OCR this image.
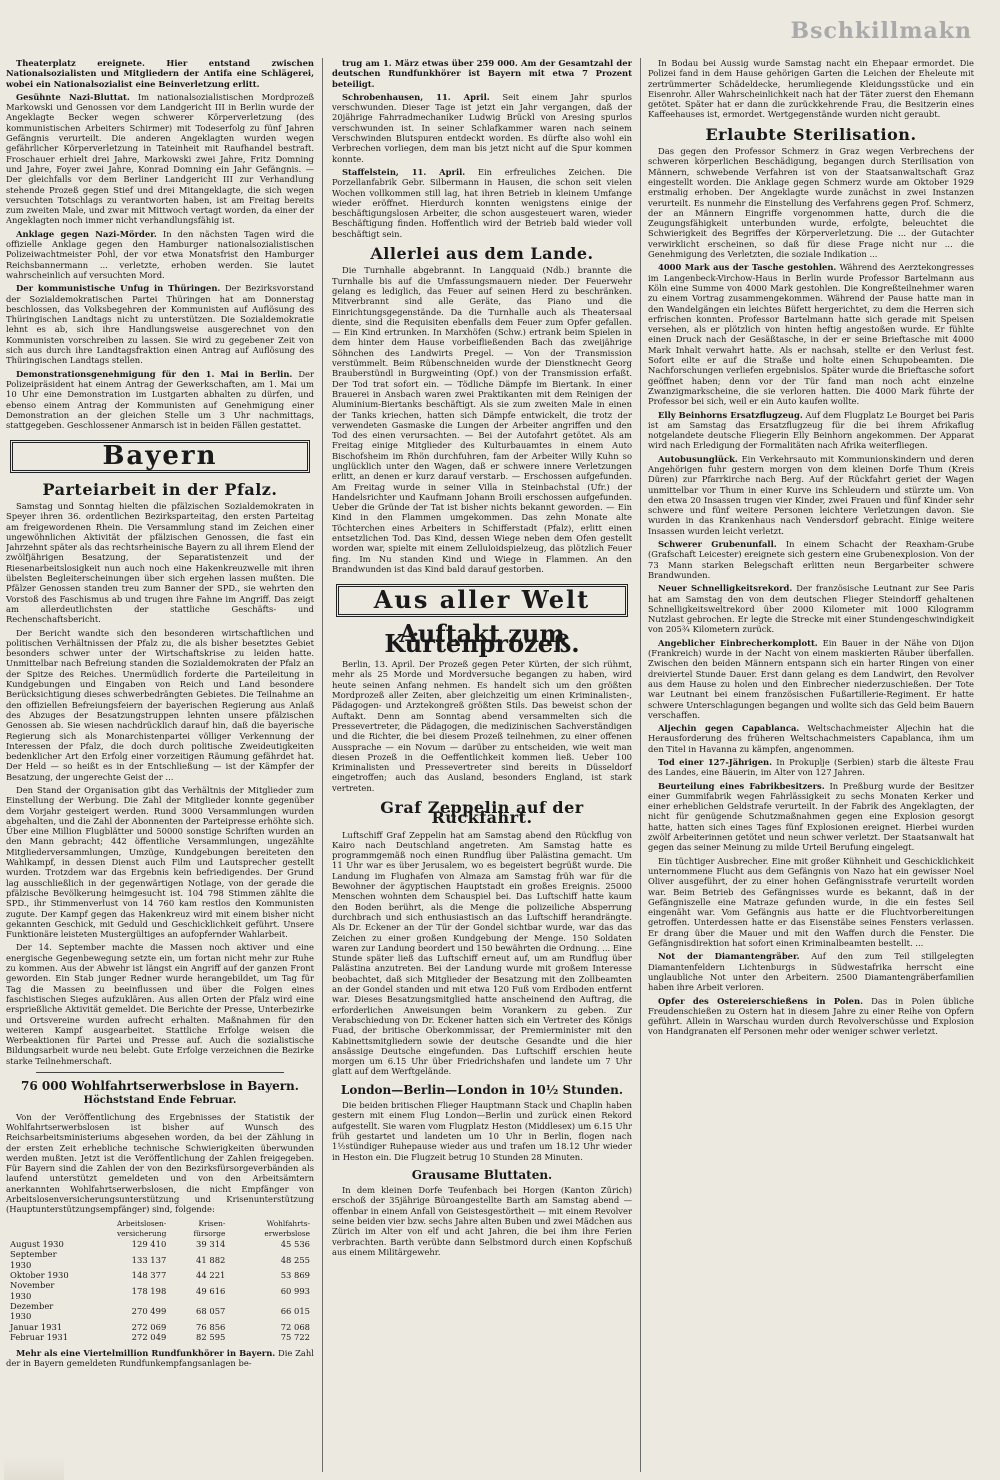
Bschkillmakn

Theaterplatz ereignete. Hier entstand zwischen Nationalsozialisten und Mitgliedern der Antifa eine Schlägerei, wobei ein Nationalsozialist eine Beinverletzung erlitt.

Gesühnte Nazi-Bluttat. Im nationalsozialistischen Mordprozeß Markowski und Genossen vor dem Landgericht III in Berlin wurde der Angeklagte Becker wegen schwerer Körperverletzung (des kommunistischen Arbeiters Schirmer) mit Todeserfolg zu fünf Jahren Gefängnis verurteilt. Die anderen Angeklagten wurden wegen gefährlicher Körperverletzung in Tateinheit mit Raufhandel bestraft. Froschauer erhielt drei Jahre, Markowski zwei Jahre, Fritz Domning und Jahre, Foyer zwei Jahre, Konrad Domning ein Jahr Gefängnis. — Der gleichfalls vor dem Berliner Landgericht III zur Verhandlung stehende Prozeß gegen Stief und drei Mitangeklagte, die sich wegen versuchten Totschlags zu verantworten haben, ist am Freitag bereits zum zweiten Male, und zwar mit Mittwoch vertagt worden, da einer der Angeklagten noch immer nicht verhandlungsfähig ist.

Anklage gegen Nazi-Mörder. In den nächsten Tagen wird die offizielle Anklage gegen den Hamburger nationalsozialistischen Polizeiwachtmeister Pohl, der vor etwa Monatsfrist den Hamburger Reichsbannermann ... verletzte, erhoben werden. Sie lautet wahrscheinlich auf versuchten Mord.

Der kommunistische Unfug in Thüringen. Der Bezirksvorstand der Sozialdemokratischen Partei Thüringen hat am Donnerstag beschlossen, das Volksbegehren der Kommunisten auf Auflösung des Thüringischen Landtags nicht zu unterstützen. Die Sozialdemokratie lehnt es ab, sich ihre Handlungsweise ausgerechnet von den Kommunisten vorschreiben zu lassen. Sie wird zu gegebener Zeit von sich aus durch ihre Landtagsfraktion einen Antrag auf Auflösung des Thüringischen Landtags stellen.

Demonstrationsgenehmigung für den 1. Mai in Berlin. Der Polizeipräsident hat einem Antrag der Gewerkschaften, am 1. Mai um 10 Uhr eine Demonstration im Lustgarten abhalten zu dürfen, und ebenso einem Antrag der Kommunisten auf Genehmigung einer Demonstration an der gleichen Stelle um 3 Uhr nachmittags, stattgegeben. Geschlossener Anmarsch ist in beiden Fällen gestattet.

Bayern
Parteiarbeit in der Pfalz.

Samstag und Sonntag hielten die pfälzischen Sozialdemokraten in Speyer ihren 36. ordentlichen Bezirksparteitag, den ersten Parteitag am freigewordenen Rhein. Die Versammlung stand im Zeichen einer ungewöhnlichen Aktivität der pfälzischen Genossen, die fast ein Jahrzehnt später als das rechtsrheinische Bayern zu all ihrem Elend der zwölfjährigen Besatzung, der Separatistenzeit und der Riesenarbeitslosigkeit nun auch noch eine Hakenkreuzwelle mit ihren übelsten Begleiterscheinungen über sich ergehen lassen mußten. Die Pfälzer Genossen standen treu zum Banner der SPD., sie wehrten den Vorstoß des Faschismus ab und trugen ihre Fahne im Angriff. Das zeigt am allerdeutlichsten der stattliche Geschäfts- und Rechenschaftsbericht.

Der Bericht wandte sich den besonderen wirtschaftlichen und politischen Verhältnissen der Pfalz zu, die als bisher besetztes Gebiet besonders schwer unter der Wirtschaftskrise zu leiden hatte. Unmittelbar nach Befreiung standen die Sozialdemokraten der Pfalz an der Spitze des Reiches. Unermüdlich forderte die Parteileitung in Kundgebungen und Eingaben von Reich und Land besondere Berücksichtigung dieses schwerbedrängten Gebietes. Die Teilnahme an den offiziellen Befreiungsfeiern der bayerischen Regierung aus Anlaß des Abzuges der Besatzungstruppen lehnten unsere pfälzischen Genossen ab. Sie wiesen nachdrücklich darauf hin, daß die bayerische Regierung sich als Monarchistenpartei völliger Verkennung der Interessen der Pfalz, die doch durch politische Zweideutigkeiten bedenklicher Art den Erfolg einer vorzeitigen Räumung gefährdet hat. Der Held — so heißt es in der Entschließung — ist der Kämpfer der Besatzung, der ungerechte Geist der ...

Den Stand der Organisation gibt das Verhältnis der Mitglieder zum Einstellung der Werbung. Die Zahl der Mitglieder konnte gegenüber dem Vorjahr gesteigert werden. Rund 3000 Versammlungen wurden abgehalten, und die Zahl der Abonnenten der Parteipresse erhöhte sich. Über eine Million Flugblätter und 50000 sonstige Schriften wurden an den Mann gebracht; 442 öffentliche Versammlungen, ungezählte Mitgliederversammlungen, Umzüge, Kundgebungen bereiteten den Wahlkampf, in dessen Dienst auch Film und Lautsprecher gestellt wurden. Trotzdem war das Ergebnis kein befriedigendes. Der Grund lag ausschließlich in der gegenwärtigen Notlage, von der gerade die pfälzische Bevölkerung heimgesucht ist. 104 798 Stimmen zählte die SPD., ihr Stimmenverlust von 14 760 kam restlos den Kommunisten zugute. Der Kampf gegen das Hakenkreuz wird mit einem bisher nicht gekannten Geschick, mit Geduld und Geschicklichkeit geführt. Unsere Funktionäre leisteten Mustergültiges an aufopfernder Wahlarbeit.

Der 14. September machte die Massen noch aktiver und eine energische Gegenbewegung setzte ein, um fortan nicht mehr zur Ruhe zu kommen. Aus der Abwehr ist längst ein Angriff auf der ganzen Front geworden. Ein Stab junger Redner wurde herangebildet, um Tag für Tag die Massen zu beeinflussen und über die Folgen eines faschistischen Sieges aufzuklären. Aus allen Orten der Pfalz wird eine ersprießliche Aktivität gemeldet. Die Berichte der Presse, Unterbezirke und Ortsvereine wurden aufrecht erhalten. Maßnahmen für den weiteren Kampf ausgearbeitet. Stattliche Erfolge weisen die Werbeaktionen für Partei und Presse auf. Auch die sozialistische Bildungsarbeit wurde neu belebt. Gute Erfolge verzeichnen die Bezirke starke Teilnehmerschaft.

76 000 Wohlfahrtserwerbslose in Bayern.
Höchststand Ende Februar.

Von der Veröffentlichung des Ergebnisses der Statistik der Wohlfahrtserwerbslosen ist bisher auf Wunsch des Reichsarbeitsministeriums abgesehen worden, da bei der Zählung in der ersten Zeit erhebliche technische Schwierigkeiten überwunden werden mußten. Jetzt ist die Veröffentlichung der Zahlen freigegeben. Für Bayern sind die Zahlen der von den Bezirksfürsorgeverbänden als laufend unterstützt gemeldeten und von den Arbeitsämtern anerkannten Wohlfahrtserwerbslosen, die nicht Empfänger von Arbeitslosenversicherungsunterstützung und Krisenunterstützung (Hauptunterstützungsempfänger) sind, folgende:

	Arbeitslosen-versicherung	Krisen-fürsorge	Wohlfahrts-erwerbslose
August 1930	129 410	39 314	45 536
September 1930	133 137	41 882	48 255
Oktober 1930	148 377	44 221	53 869
November 1930	178 198	49 616	60 993
Dezember 1930	270 499	68 057	66 015
Januar 1931	272 069	76 856	72 068
Februar 1931	272 049	82 595	75 722

Mehr als eine Viertelmillion Rundfunkhörer in Bayern. Die Zahl der in Bayern gemeldeten Rundfunkempfangsanlagen be-

trug am 1. März etwas über 259 000. Am der Gesamtzahl der deutschen Rundfunkhörer ist Bayern mit etwa 7 Prozent beteiligt.

Schrobenhausen, 11. April. Seit einem Jahr spurlos verschwunden. Dieser Tage ist jetzt ein Jahr vergangen, daß der 20jährige Fahrradmechaniker Ludwig Brückl von Aresing spurlos verschwunden ist. In seiner Schlafkammer waren nach seinem Verschwinden Blutspuren entdeckt worden. Es dürfte also wohl ein Verbrechen vorliegen, dem man bis jetzt nicht auf die Spur kommen konnte.

Staffelstein, 11. April. Ein erfreuliches Zeichen. Die Porzellanfabrik Gebr. Silbermann in Hausen, die schon seit vielen Wochen vollkommen still lag, hat ihren Betrieb in kleinem Umfange wieder eröffnet. Hierdurch konnten wenigstens einige der beschäftigungslosen Arbeiter, die schon ausgesteuert waren, wieder Beschäftigung finden. Hoffentlich wird der Betrieb bald wieder voll beschäftigt sein.

Allerlei aus dem Lande.

Die Turnhalle abgebrannt. In Langquaid (Ndb.) brannte die Turnhalle bis auf die Umfassungsmauern nieder. Der Feuerwehr gelang es lediglich, das Feuer auf seinen Herd zu beschränken. Mitverbrannt sind alle Geräte, das Piano und die Einrichtungsgegenstände. Da die Turnhalle auch als Theatersaal diente, sind die Requisiten ebenfalls dem Feuer zum Opfer gefallen. — Ein Kind ertrunken. In Marxhöfen (Schw.) ertrank beim Spielen in dem hinter dem Hause vorbeifließenden Bach das zweijährige Söhnchen des Landwirts Pregel. — Von der Transmission verstümmelt. Beim Rübenschneiden wurde der Dienstknecht Georg Brauberstündl in Burgweinting (Opf.) von der Transmission erfaßt. Der Tod trat sofort ein. — Tödliche Dämpfe im Biertank. In einer Brauerei in Ansbach waren zwei Praktikanten mit dem Reinigen der Aluminium-Biertanks beschäftigt. Als sie zum zweiten Male in einen der Tanks kriechen, hatten sich Dämpfe entwickelt, die trotz der verwendeten Gasmaske die Lungen der Arbeiter angriffen und den Tod des einen verursachten. — Bei der Autofahrt getötet. Als am Freitag einige Mitglieder des Kulturbauamtes in einem Auto Bischofsheim im Rhön durchfuhren, fam der Arbeiter Willy Kuhn so unglücklich unter den Wagen, daß er schwere innere Verletzungen erlitt, an denen er kurz darauf verstarb. — Erschossen aufgefunden. Am Freitag wurde in seiner Villa in Steinbachstal (Ufr.) der Handelsrichter und Kaufmann Johann Broili erschossen aufgefunden. Ueber die Gründe der Tat ist bisher nichts bekannt geworden. — Ein Kind in den Flammen umgekommen. Das zehn Monate alte Töchterchen eines Arbeiters in Schifferstadt (Pfalz), erlitt einen entsetzlichen Tod. Das Kind, dessen Wiege neben dem Ofen gestellt worden war, spielte mit einem Zelluloidspielzeug, das plötzlich Feuer fing. Im Nu standen Kind und Wiege in Flammen. An den Brandwunden ist das Kind bald darauf gestorben.

Aus aller Welt
Auftakt zum Kürtenprozeß.

Berlin, 13. April. Der Prozeß gegen Peter Kürten, der sich rühmt, mehr als 25 Morde und Mordversuche begangen zu haben, wird heute seinen Anfang nehmen. Es handelt sich um den größten Mordprozeß aller Zeiten, aber gleichzeitig um einen Kriminalisten-, Pädagogen- und Arztekongreß größten Stils. Das beweist schon der Auftakt. Denn am Sonntag abend versammelten sich die Pressevertreter, die Pädagogen, die medizinischen Sachverständigen und die Richter, die bei diesem Prozeß teilnehmen, zu einer offenen Aussprache — ein Novum — darüber zu entscheiden, wie weit man diesen Prozeß in die Oeffentlichkeit kommen ließ. Ueber 100 Kriminalisten und Pressevertreter sind bereits in Düsseldorf eingetroffen; auch das Ausland, besonders England, ist stark vertreten.

Graf Zeppelin auf der Rückfahrt.

Luftschiff Graf Zeppelin hat am Samstag abend den Rückflug von Kairo nach Deutschland angetreten. Am Samstag hatte es programmgemäß noch einen Rundflug über Palästina gemacht. Um 11 Uhr war es über Jerusalem, wo es begeistert begrüßt wurde. Die Landung im Flughafen von Almaza am Samstag früh war für die Bewohner der ägyptischen Hauptstadt ein großes Ereignis. 25000 Menschen wohnten dem Schauspiel bei. Das Luftschiff hatte kaum den Boden berührt, als die Menge die polizeiliche Absperrung durchbrach und sich enthusiastisch an das Luftschiff herandrängte. Als Dr. Eckener an der Tür der Gondel sichtbar wurde, war das das Zeichen zu einer großen Kundgebung der Menge. 150 Soldaten waren zur Landung beordert und 150 bewährten die Ordnung. ... Eine Stunde später ließ das Luftschiff erneut auf, um am Rundflug über Palästina anzutreten. Bei der Landung wurde mit großem Interesse beobachtet, daß sich Mitglieder der Besatzung mit den Zollbeamten an der Gondel standen und mit etwa 120 Fuß vom Erdboden entfernt war. Dieses Besatzungsmitglied hatte anscheinend den Auftrag, die erforderlichen Anweisungen beim Vorankern zu geben. Zur Verabschiedung von Dr. Eckener hatten sich ein Vertreter des Königs Fuad, der britische Oberkommissar, der Premierminister mit den Kabinettsmitgliedern sowie der deutsche Gesandte und die hier ansässige Deutsche eingefunden. Das Luftschiff erschien heute morgen um 6.15 Uhr über Friedrichshafen und landete um 7 Uhr glatt auf dem Werftgelände.

London—Berlin—London in 10½ Stunden.

Die beiden britischen Flieger Hauptmann Stack und Chaplin haben gestern mit einem Flug London—Berlin und zurück einen Rekord aufgestellt. Sie waren vom Flugplatz Heston (Middlesex) um 6.15 Uhr früh gestartet und landeten um 10 Uhr in Berlin, flogen nach 1½stündiger Ruhepause wieder aus und trafen um 18.12 Uhr wieder in Heston ein. Die Flugzeit betrug 10 Stunden 28 Minuten.

Grausame Bluttaten.

In dem kleinen Dorfe Teufenbach bei Horgen (Kanton Zürich) erschoß der 35jährige Büroangestellte Barth am Samstag abend — offenbar in einem Anfall von Geistesgestörtheit — mit einem Revolver seine beiden vier bzw. sechs Jahre alten Buben und zwei Mädchen aus Zürich im Alter von elf und acht Jahren, die bei ihm ihre Ferien verbrachten. Barth verübte dann Selbstmord durch einen Kopfschuß aus einem Militärgewehr.

In Bodau bei Aussig wurde Samstag nacht ein Ehepaar ermordet. Die Polizei fand in dem Hause gehörigen Garten die Leichen der Eheleute mit zertrümmerter Schädeldecke, herumliegende Kleidungsstücke und ein Eisenrohr. Aller Wahrscheinlichkeit nach hat der Täter zuerst den Ehemann getötet. Später hat er dann die zurückkehrende Frau, die Besitzerin eines Kaffeehauses ist, ermordet. Wertgegenstände wurden nicht geraubt.

Erlaubte Sterilisation.

Das gegen den Professor Schmerz in Graz wegen Verbrechens der schweren körperlichen Beschädigung, begangen durch Sterilisation von Männern, schwebende Verfahren ist von der Staatsanwaltschaft Graz eingestellt worden. Die Anklage gegen Schmerz wurde am Oktober 1929 erstmalig erhoben. Der Angeklagte wurde zunächst in zwei Instanzen verurteilt. Es nunmehr die Einstellung des Verfahrens gegen Prof. Schmerz, der an Männern Eingriffe vorgenommen hatte, durch die die Zeugungsfähigkeit unterbunden wurde, erfolgte, beleuchtet die Schwierigkeit des Begriffes der Körperverletzung. Die ... der Gutachter verwirklicht erscheinen, so daß für diese Frage nicht nur ... die Genehmigung des Verletzten, die soziale Indikation ...

4000 Mark aus der Tasche gestohlen. Während des Aerztekongresses im Langenbeck-Virchow-Haus in Berlin wurde Professor Bartelmann aus Köln eine Summe von 4000 Mark gestohlen. Die Kongreßteilnehmer waren zu einem Vortrag zusammengekommen. Während der Pause hatte man in den Wandelgängen ein leichtes Büfett hergerichtet, zu dem die Herren sich erfrischen konnten. Professor Bartelmann hatte sich gerade mit Speisen versehen, als er plötzlich von hinten heftig angestoßen wurde. Er fühlte einen Druck nach der Gesäßtasche, in der er seine Brieftasche mit 4000 Mark Inhalt verwahrt hatte. Als er nachsah, stellte er den Verlust fest. Sofort eilte er auf die Straße und holte einen Schupobeamten. Die Nachforschungen verliefen ergebnislos. Später wurde die Brieftasche sofort geöffnet haben; denn vor der Tür fand man noch acht einzelne Zwanzigmarkscheine, die sie verloren hatten. Die 4000 Mark führte der Professor bei sich, weil er ein Auto kaufen wollte.

Elly Beinhorns Ersatzflugzeug. Auf dem Flugplatz Le Bourget bei Paris ist am Samstag das Ersatzflugzeug für die bei ihrem Afrikaflug notgelandete deutsche Fliegerin Elly Beinhorn angekommen. Der Apparat wird nach Erledigung der Formalitäten nach Afrika weiterfliegen.

Autobusunglück. Ein Verkehrsauto mit Kommunionskindern und deren Angehörigen fuhr gestern morgen von dem kleinen Dorfe Thum (Kreis Düren) zur Pfarrkirche nach Berg. Auf der Rückfahrt geriet der Wagen unmittelbar vor Thum in einer Kurve ins Schleudern und stürzte um. Von den etwa 20 Insassen trugen vier Kinder, zwei Frauen und fünf Kinder sehr schwere und fünf weitere Personen leichtere Verletzungen davon. Sie wurden in das Krankenhaus nach Vendersdorf gebracht. Einige weitere Insassen wurden leicht verletzt.

Schwerer Grubenunfall. In einem Schacht der Reaxham-Grube (Grafschaft Leicester) ereignete sich gestern eine Grubenexplosion. Von der 73 Mann starken Belegschaft erlitten neun Bergarbeiter schwere Brandwunden.

Neuer Schnelligkeitsrekord. Der französische Leutnant zur See Paris hat am Samstag den von dem deutschen Flieger Steindorff gehaltenen Schnelligkeitsweltrekord über 2000 Kilometer mit 1000 Kilogramm Nutzlast gebrochen. Er legte die Strecke mit einer Stundengeschwindigkeit von 205¾ Kilometern zurück.

Angeblicher Einbrecherkomplott. Ein Bauer in der Nähe von Dijon (Frankreich) wurde in der Nacht von einem maskierten Räuber überfallen. Zwischen den beiden Männern entspann sich ein harter Ringen von einer dreiviertel Stunde Dauer. Erst dann gelang es dem Landwirt, den Revolver aus dem Hause zu holen und den Einbrecher niederzuschießen. Der Tote war Leutnant bei einem französischen Fußartillerie-Regiment. Er hatte schwere Unterschlagungen begangen und wollte sich das Geld beim Bauern verschaffen.

Aljechin gegen Capablanca. Weltschachmeister Aljechin hat die Herausforderung des früheren Weltschachmeisters Capablanca, ihm um den Titel in Havanna zu kämpfen, angenommen.

Tod einer 127-Jährigen. In Prokuplje (Serbien) starb die älteste Frau des Landes, eine Bäuerin, im Alter von 127 Jahren.

Beurteilung eines Fabrikbesitzers. In Preßburg wurde der Besitzer einer Gummifabrik wegen Fahrlässigkeit zu sechs Monaten Kerker und einer erheblichen Geldstrafe verurteilt. In der Fabrik des Angeklagten, der nicht für genügende Schutzmaßnahmen gegen eine Explosion gesorgt hatte, hatten sich eines Tages fünf Explosionen ereignet. Hierbei wurden zwölf Arbeiterinnen getötet und neun schwer verletzt. Der Staatsanwalt hat gegen das seiner Meinung zu milde Urteil Berufung eingelegt.

Ein tüchtiger Ausbrecher. Eine mit großer Kühnheit und Geschicklichkeit unternommene Flucht aus dem Gefängnis von Nazo hat ein gewisser Noel Oliver ausgeführt, der zu einer hohen Gefängnisstrafe verurteilt worden war. Beim Betrieb des Gefängnisses wurde es bekannt, daß in der Gefängniszelle eine Matraze gefunden wurde, in die ein festes Seil eingenäht war. Vom Gefängnis aus hatte er die Fluchtvorbereitungen getroffen. Unterdessen hatte er das Eisenstäbe seines Fensters verlassen. Er drang über die Mauer und mit den Waffen durch die Fenster. Die Gefängnisdirektion hat sofort einen Kriminalbeamten bestellt. ...

Not der Diamantengräber. Auf den zum Teil stillgelegten Diamantenfeldern Lichtenburgs in Südwestafrika herrscht eine unglaubliche Not unter den Arbeitern. 2500 Diamantengräberfamilien haben ihre Arbeit verloren.

Opfer des Ostereierschießens in Polen. Das in Polen übliche Freudenschießen zu Ostern hat in diesem Jahre zu einer Reihe von Opfern geführt. Allein in Warschau wurden durch Revolverschüsse und Explosion von Handgranaten elf Personen mehr oder weniger schwer verletzt.
